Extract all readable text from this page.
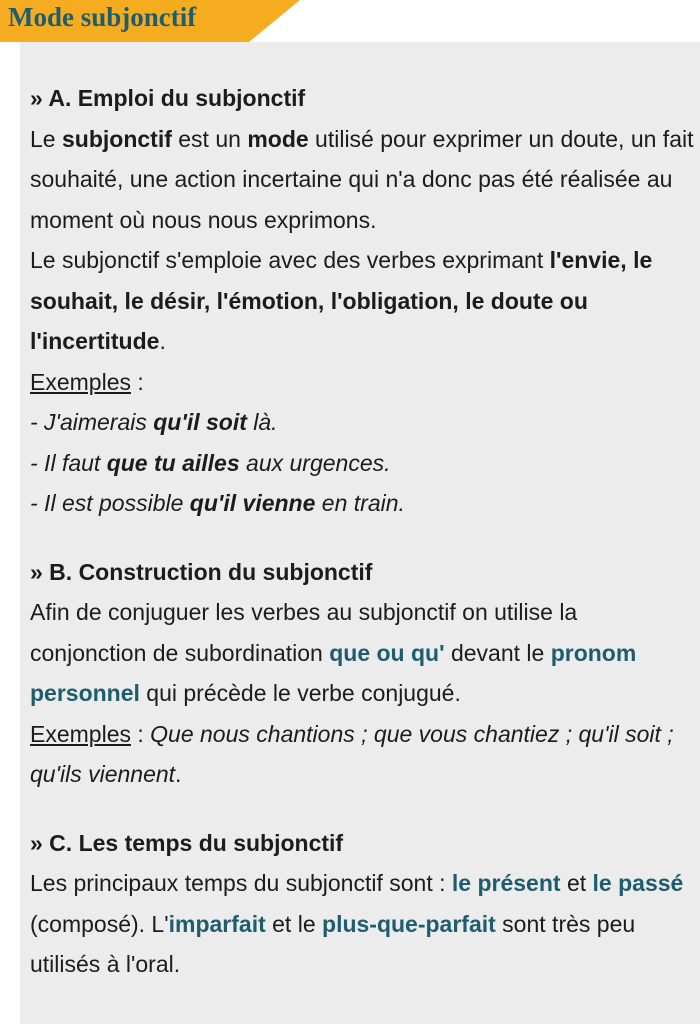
Mode subjonctif
» A. Emploi du subjonctif
Le subjonctif est un mode utilisé pour exprimer un doute, un fait souhaité, une action incertaine qui n'a donc pas été réalisée au moment où nous nous exprimons.
Le subjonctif s'emploie avec des verbes exprimant l'envie, le souhait, le désir, l'émotion, l'obligation, le doute ou l'incertitude.
Exemples :
- J'aimerais qu'il soit là.
- Il faut que tu ailles aux urgences.
- Il est possible qu'il vienne en train.
» B. Construction du subjonctif
Afin de conjuguer les verbes au subjonctif on utilise la conjonction de subordination que ou qu' devant le pronom personnel qui précède le verbe conjugué.
Exemples : Que nous chantions ; que vous chantiez ; qu'il soit ; qu'ils viennent.
» C. Les temps du subjonctif
Les principaux temps du subjonctif sont : le présent et le passé (composé). L'imparfait et le plus-que-parfait sont très peu utilisés à l'oral.
